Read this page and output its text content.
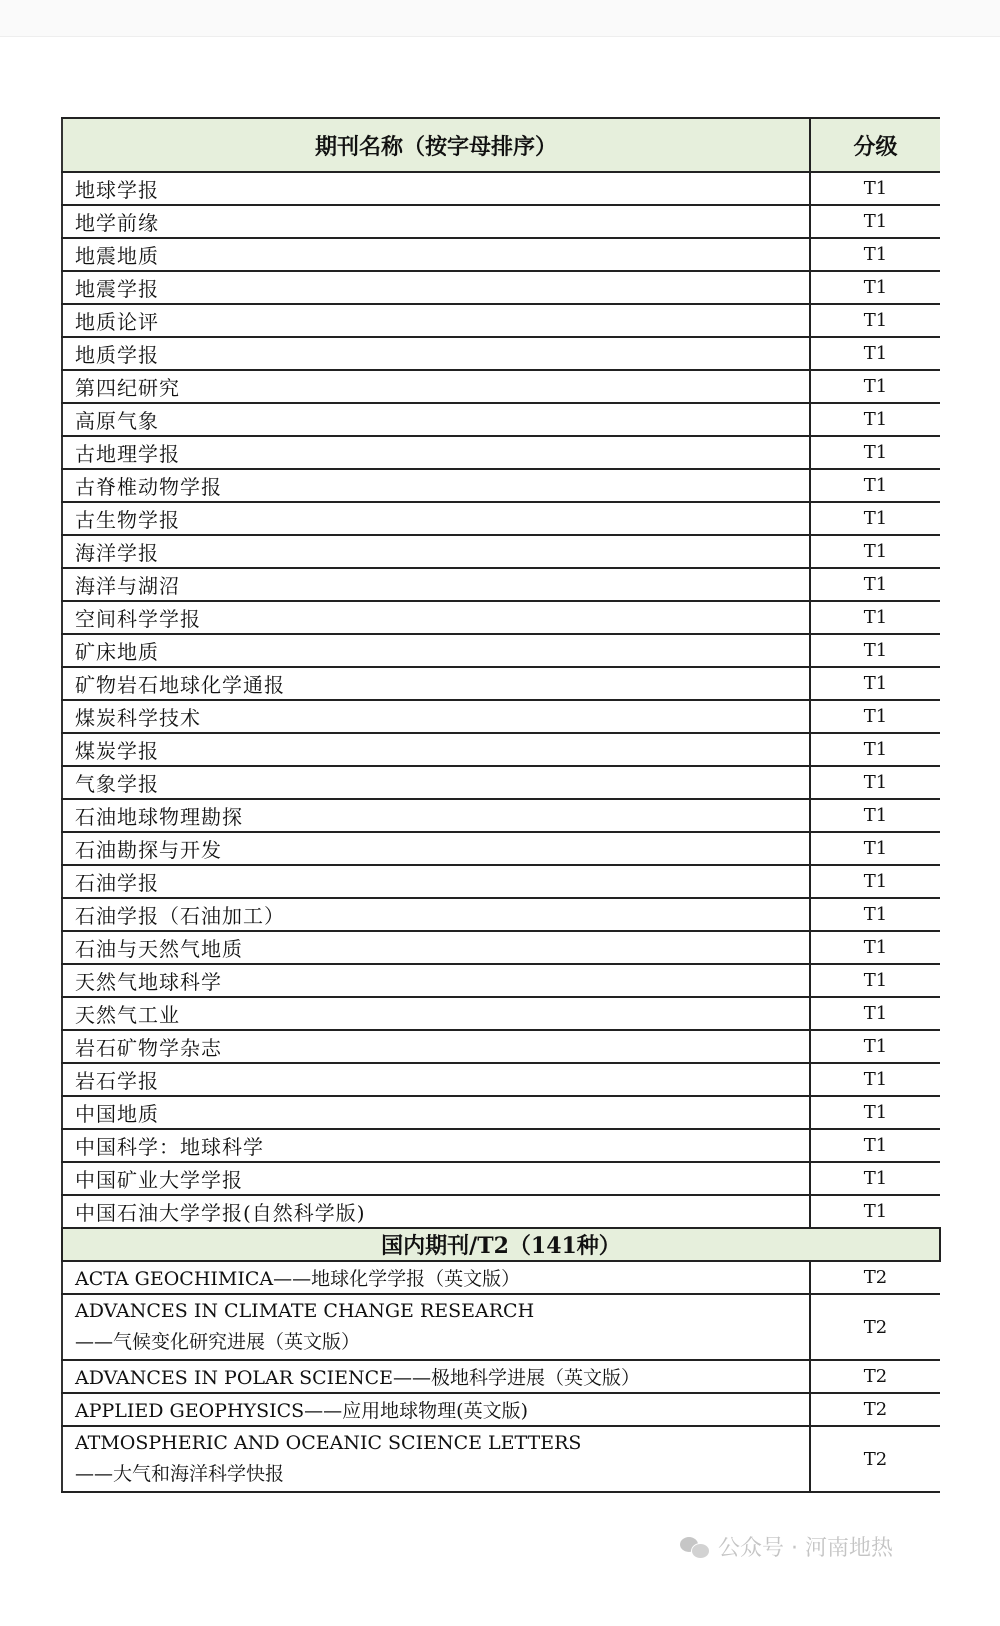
期刊名称（按字母排序）	分级
地球学报	T1
地学前缘	T1
地震地质	T1
地震学报	T1
地质论评	T1
地质学报	T1
第四纪研究	T1
高原气象	T1
古地理学报	T1
古脊椎动物学报	T1
古生物学报	T1
海洋学报	T1
海洋与湖沼	T1
空间科学学报	T1
矿床地质	T1
矿物岩石地球化学通报	T1
煤炭科学技术	T1
煤炭学报	T1
气象学报	T1
石油地球物理勘探	T1
石油勘探与开发	T1
石油学报	T1
石油学报（石油加工）	T1
石油与天然气地质	T1
天然气地球科学	T1
天然气工业	T1
岩石矿物学杂志	T1
岩石学报	T1
中国地质	T1
中国科学：地球科学	T1
中国矿业大学学报	T1
中国石油大学学报(自然科学版)	T1
国内期刊/T2（141种）	

ACTA GEOCHIMICA——地球化学学报（英文版）	T2

ADVANCES IN CLIMATE CHANGE RESEARCH
——气候变化研究进展（英文版）	T2

ADVANCES IN POLAR SCIENCE——极地科学进展（英文版）	T2

APPLIED GEOPHYSICS——应用地球物理(英文版)	T2

ATMOSPHERIC AND OCEANIC SCIENCE LETTERS
——大气和海洋科学快报	T2
公众号 · 河南地热
